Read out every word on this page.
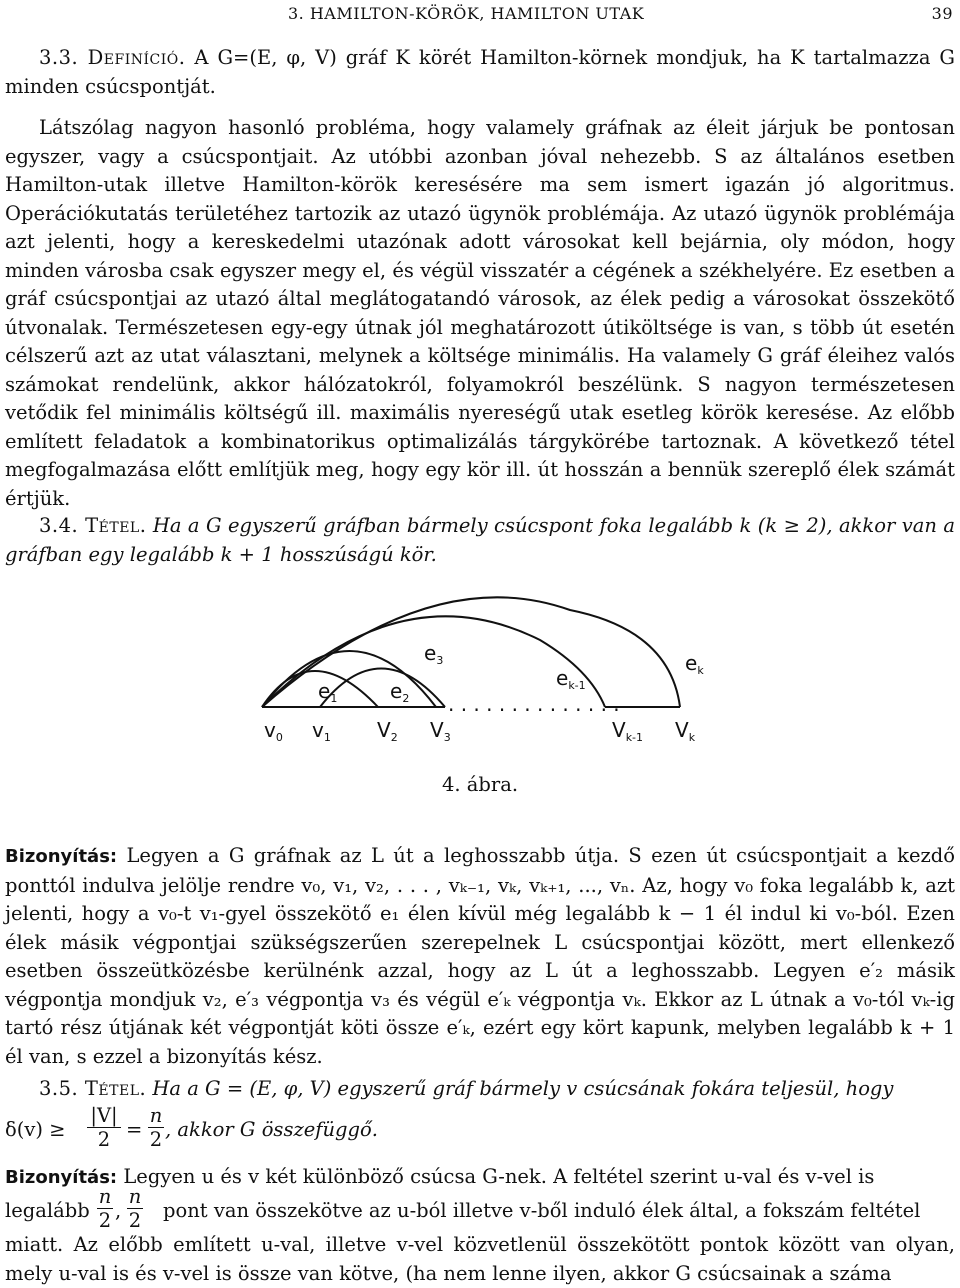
3. HAMILTON-KÖRÖK, HAMILTON UTAK	39

3.3. Definíció. A G=(E, φ, V) gráf K körét Hamilton-körnek mondjuk, ha K tartalmazza G minden csúcspontját.

Látszólag nagyon hasonló probléma, hogy valamely gráfnak az éleit járjuk be pontosan egyszer, vagy a csúcspontjait. Az utóbbi azonban jóval nehezebb. S az általános esetben Hamilton-utak illetve Hamilton-körök keresésére ma sem ismert igazán jó algoritmus. Operációkutatás területéhez tartozik az utazó ügynök problémája. Az utazó ügynök problémája azt jelenti, hogy a kereskedelmi utazónak adott városokat kell bejárnia, oly módon, hogy minden városba csak egyszer megy el, és végül visszatér a cégének a székhelyére. Ez esetben a gráf csúcspontjai az utazó által meglátogatandó városok, az élek pedig a városokat összekötő útvonalak. Természetesen egy-egy útnak jól meghatározott útiköltsége is van, s több út esetén célszerű azt az utat választani, melynek a költsége minimális. Ha valamely G gráf éleihez valós számokat rendelünk, akkor hálózatokról, folyamokról beszélünk. S nagyon természetesen vetődik fel minimális költségű ill. maximális nyereségű utak esetleg körök keresése. Az előbb említett feladatok a kombinatorikus optimalizálás tárgykörébe tartoznak. A következő tétel megfogalmazása előtt említjük meg, hogy egy kör ill. út hosszán a bennük szereplő élek számát értjük.

3.4. Tétel. Ha a G egyszerű gráfban bármely csúcspont foka legalább k (k ≥ 2), akkor van a gráfban egy legalább k + 1 hosszúságú kör.

. . . . . . . . . . . . . .
$e_1$	$e_2$
$e_3$
$e_{k-1}$
$e_k$
$v_0$ $v_1$ $V_2$ $V_3$	$V_{k-1}$ $V_k$
4. ábra.

Bizonyítás: Legyen a G gráfnak az L út a leghosszabb útja. S ezen út csúcspontjait a kezdő ponttól indulva jelölje rendre v₀, v₁, v₂, . . . , vₖ₋₁, vₖ, vₖ₊₁, ..., vₙ. Az, hogy v₀ foka legalább k, azt jelenti, hogy a v₀-t v₁-gyel összekötő e₁ élen kívül még legalább k − 1 él indul ki v₀-ból. Ezen élek másik végpontjai szükségszerűen szerepelnek L csúcspontjai között, mert ellenkező esetben összeütközésbe kerülnénk azzal, hogy az L út a leghosszabb. Legyen e′₂ másik végpontja mondjuk v₂, e′₃ végpontja v₃ és végül e′ₖ végpontja vₖ. Ekkor az L útnak a v₀-tól vₖ-ig tartó rész útjának két végpontját köti össze e′ₖ, ezért egy kört kapunk, melyben legalább k + 1 él van, s ezzel a bizonyítás kész.

3.5. Tétel. Ha a G = (E, φ, V) egyszerű gráf bármely v csúcsának fokára teljesül, hogy

$\delta(v) \ge \frac{|V|}{2} = \frac{n}{2}$ , akkor G összefüggő.

Bizonyítás: Legyen u és v két különböző csúcsa G-nek. A feltétel szerint u-val és v-vel is

legalább $\frac{n}{2}$ , $\frac{n}{2}$ pont van összekötve az u-ból illetve v-ből induló élek által, a fokszám feltétel

miatt. Az előbb említett u-val, illetve v-vel közvetlenül összekötött pontok között van olyan, mely u-val is és v-vel is össze van kötve, (ha nem lenne ilyen, akkor G csúcsainak a száma
